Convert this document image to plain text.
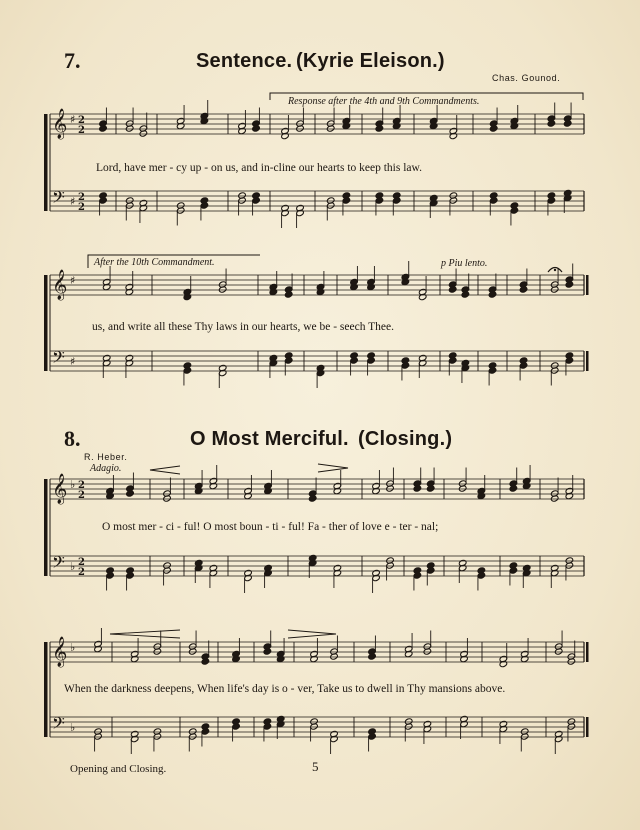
7.	Sentence. (Kyrie Eleison.)
Chas. Gounod.
Response after the 4th and 9th Commandments.
Lord, have mer - cy up - on us, and in-cline our hearts to keep this law.
After the 10th Commandment.	p Piu lento.
us, and write all these Thy laws in our hearts, we be - seech Thee.
8.	O Most Merciful. (Closing.)
R. Heber.
Adagio.
O most mer - ci - ful! O most boun - ti - ful! Fa - ther of love e - ter - nal;
When the darkness deepens, When life's day is o - ver, Take us to dwell in Thy mansions above.
Opening and Closing.	5
𝄞
𝄢
♯
♯
2
2
2
2
𝄞
𝄢
♯
♯
𝄞
𝄢
♭
♭
2
2
2
2
𝄞
𝄢
♭
♭
